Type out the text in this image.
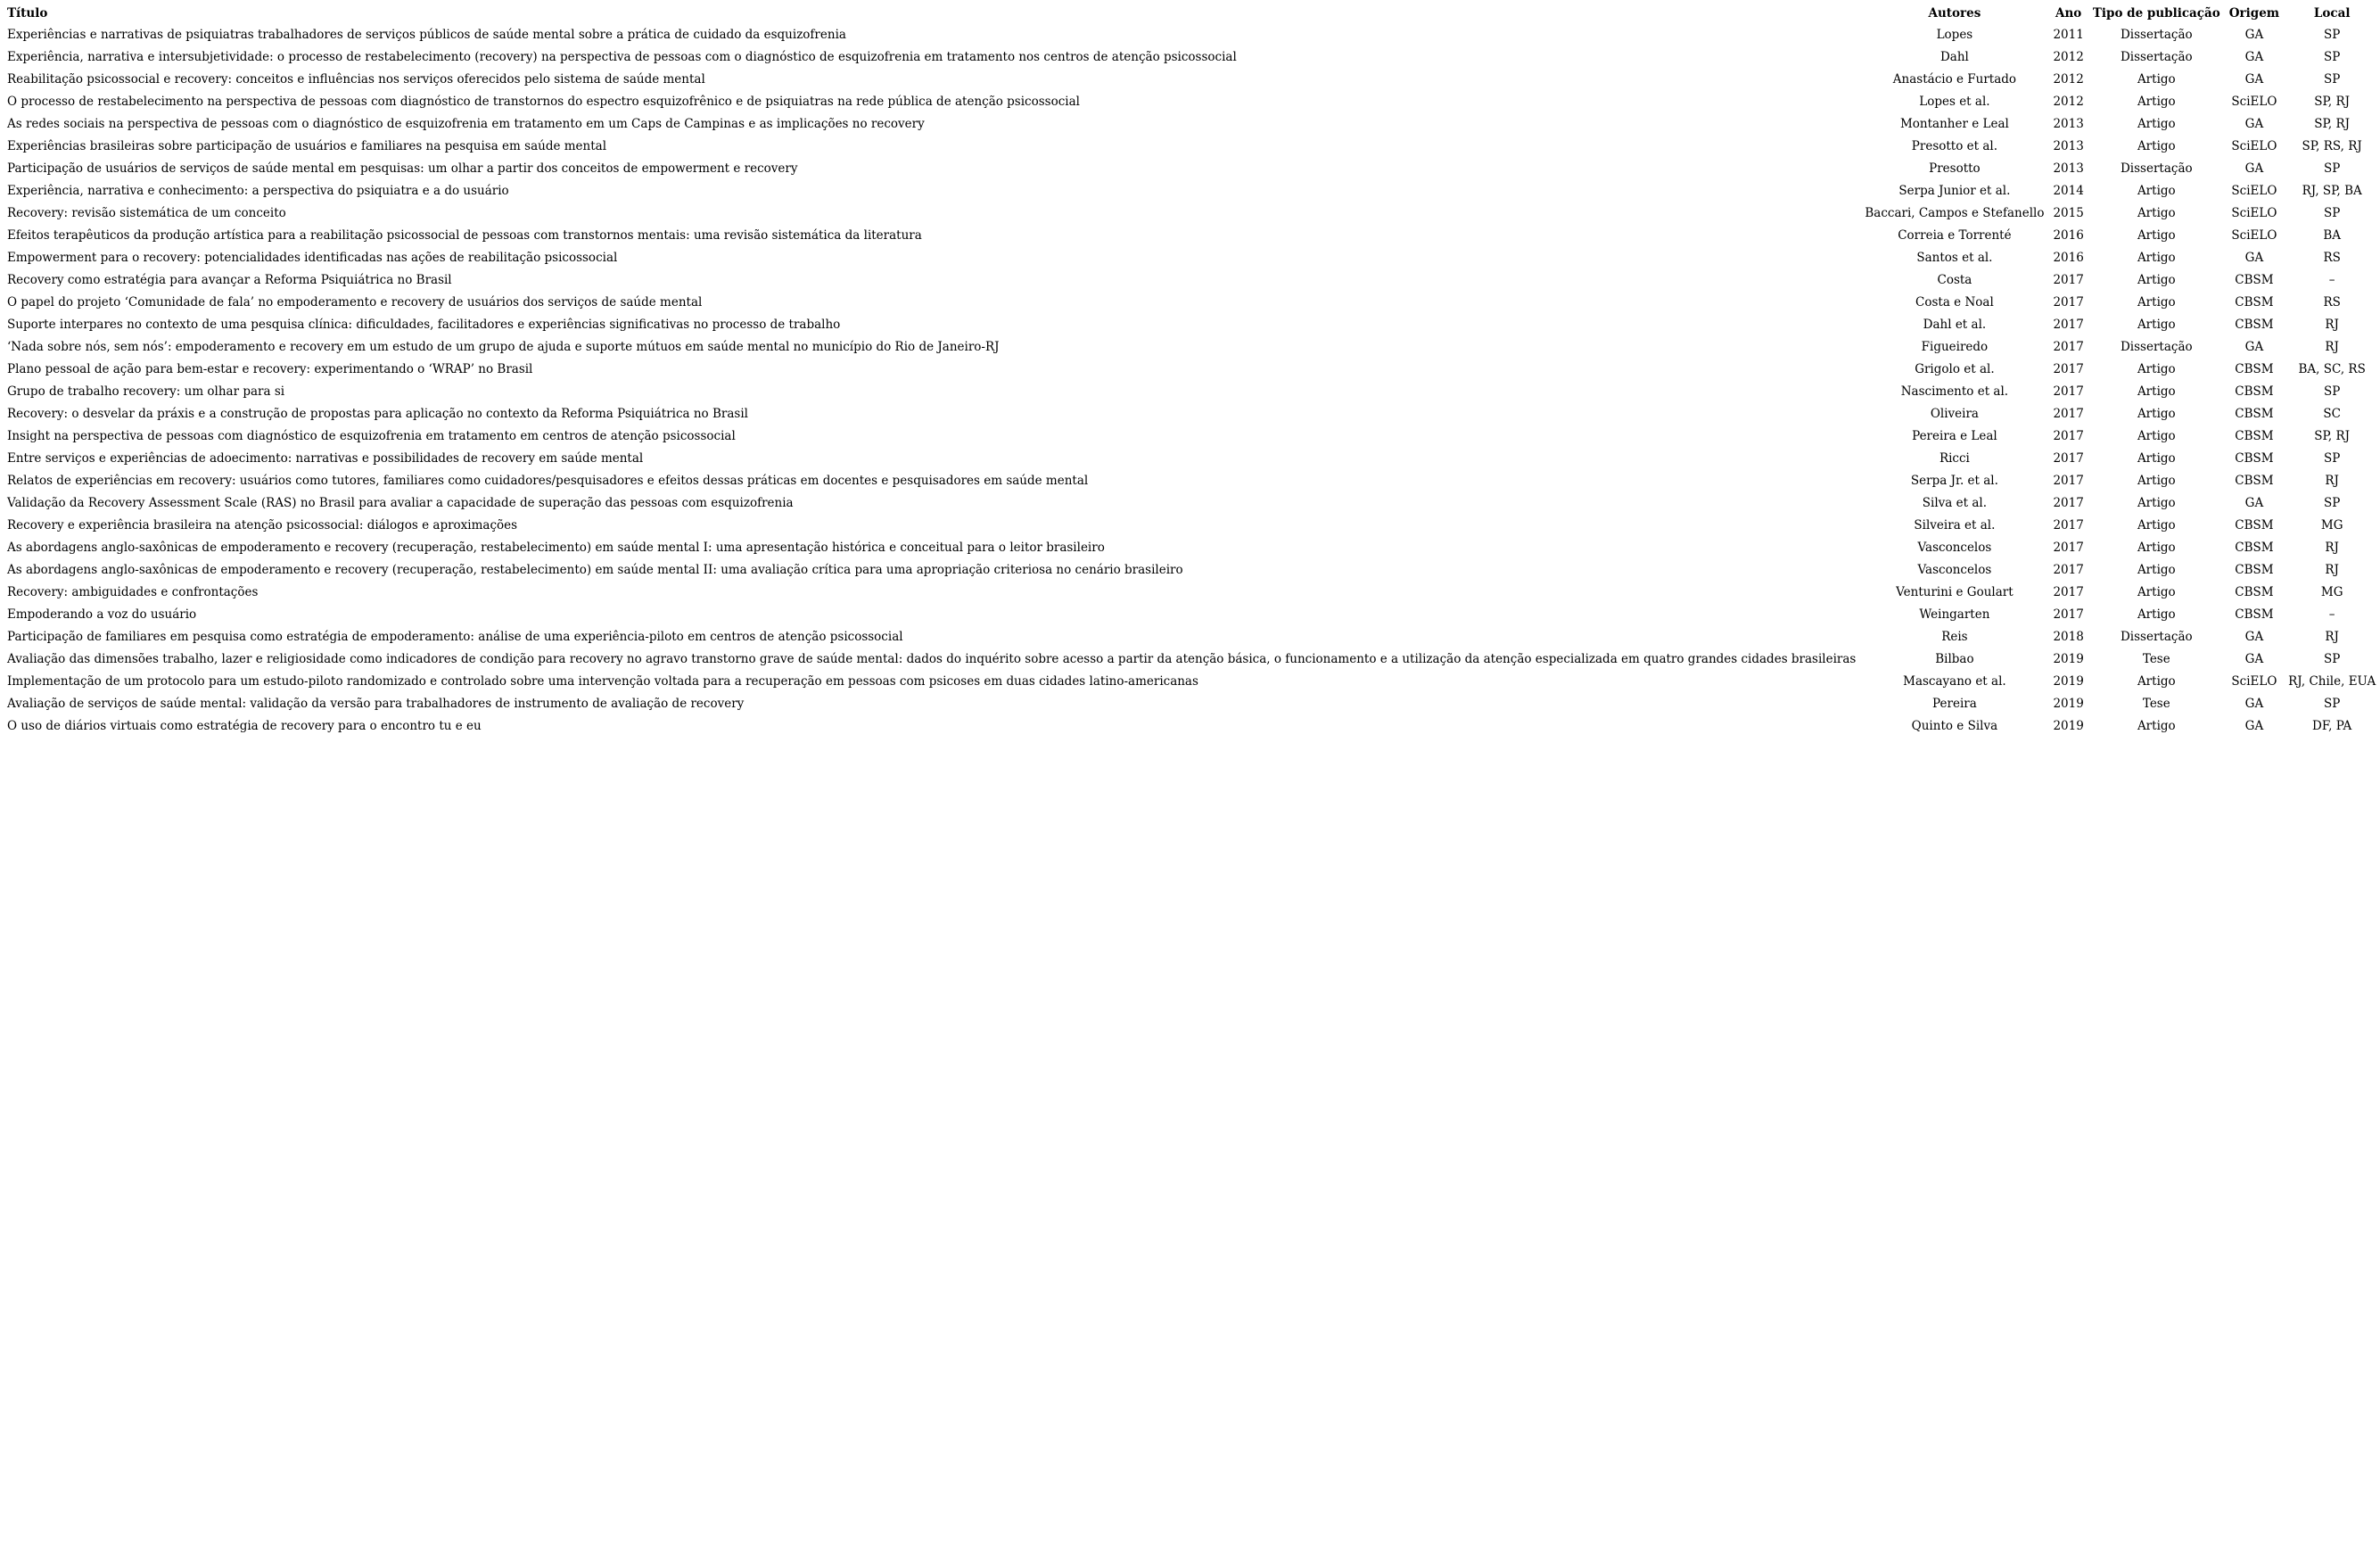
Título	Autores	Ano	Tipo de publicação	Origem	Local
Experiências e narrativas de psiquiatras trabalhadores de serviços públicos de saúde mental sobre a prática de cuidado da esquizofrenia	Lopes	2011	Dissertação	GA	SP
Experiência, narrativa e intersubjetividade: o processo de restabelecimento (recovery) na perspectiva de pessoas com o diagnóstico de esquizofrenia em tratamento nos centros de atenção psicossocial	Dahl	2012	Dissertação	GA	SP
Reabilitação psicossocial e recovery: conceitos e influências nos serviços oferecidos pelo sistema de saúde mental	Anastácio e Furtado	2012	Artigo	GA	SP
O processo de restabelecimento na perspectiva de pessoas com diagnóstico de transtornos do espectro esquizofrênico e de psiquiatras na rede pública de atenção psicossocial	Lopes et al.	2012	Artigo	SciELO	SP, RJ
As redes sociais na perspectiva de pessoas com o diagnóstico de esquizofrenia em tratamento em um Caps de Campinas e as implicações no recovery	Montanher e Leal	2013	Artigo	GA	SP, RJ
Experiências brasileiras sobre participação de usuários e familiares na pesquisa em saúde mental	Presotto et al.	2013	Artigo	SciELO	SP, RS, RJ
Participação de usuários de serviços de saúde mental em pesquisas: um olhar a partir dos conceitos de empowerment e recovery	Presotto	2013	Dissertação	GA	SP
Experiência, narrativa e conhecimento: a perspectiva do psiquiatra e a do usuário	Serpa Junior et al.	2014	Artigo	SciELO	RJ, SP, BA
Recovery: revisão sistemática de um conceito	Baccari, Campos e Stefanello	2015	Artigo	SciELO	SP
Efeitos terapêuticos da produção artística para a reabilitação psicossocial de pessoas com transtornos mentais: uma revisão sistemática da literatura	Correia e Torrenté	2016	Artigo	SciELO	BA
Empowerment para o recovery: potencialidades identificadas nas ações de reabilitação psicossocial	Santos et al.	2016	Artigo	GA	RS
Recovery como estratégia para avançar a Reforma Psiquiátrica no Brasil	Costa	2017	Artigo	CBSM	–
O papel do projeto ‘Comunidade de fala’ no empoderamento e recovery de usuários dos serviços de saúde mental	Costa e Noal	2017	Artigo	CBSM	RS
Suporte interpares no contexto de uma pesquisa clínica: dificuldades, facilitadores e experiências significativas no processo de trabalho	Dahl et al.	2017	Artigo	CBSM	RJ
‘Nada sobre nós, sem nós’: empoderamento e recovery em um estudo de um grupo de ajuda e suporte mútuos em saúde mental no município do Rio de Janeiro-RJ	Figueiredo	2017	Dissertação	GA	RJ
Plano pessoal de ação para bem-estar e recovery: experimentando o ‘WRAP’ no Brasil	Grigolo et al.	2017	Artigo	CBSM	BA, SC, RS
Grupo de trabalho recovery: um olhar para si	Nascimento et al.	2017	Artigo	CBSM	SP
Recovery: o desvelar da práxis e a construção de propostas para aplicação no contexto da Reforma Psiquiátrica no Brasil	Oliveira	2017	Artigo	CBSM	SC
Insight na perspectiva de pessoas com diagnóstico de esquizofrenia em tratamento em centros de atenção psicossocial	Pereira e Leal	2017	Artigo	CBSM	SP, RJ
Entre serviços e experiências de adoecimento: narrativas e possibilidades de recovery em saúde mental	Ricci	2017	Artigo	CBSM	SP
Relatos de experiências em recovery: usuários como tutores, familiares como cuidadores/pesquisadores e efeitos dessas práticas em docentes e pesquisadores em saúde mental	Serpa Jr. et al.	2017	Artigo	CBSM	RJ
Validação da Recovery Assessment Scale (RAS) no Brasil para avaliar a capacidade de superação das pessoas com esquizofrenia	Silva et al.	2017	Artigo	GA	SP
Recovery e experiência brasileira na atenção psicossocial: diálogos e aproximações	Silveira et al.	2017	Artigo	CBSM	MG
As abordagens anglo-saxônicas de empoderamento e recovery (recuperação, restabelecimento) em saúde mental I: uma apresentação histórica e conceitual para o leitor brasileiro	Vasconcelos	2017	Artigo	CBSM	RJ
As abordagens anglo-saxônicas de empoderamento e recovery (recuperação, restabelecimento) em saúde mental II: uma avaliação crítica para uma apropriação criteriosa no cenário brasileiro	Vasconcelos	2017	Artigo	CBSM	RJ
Recovery: ambiguidades e confrontações	Venturini e Goulart	2017	Artigo	CBSM	MG
Empoderando a voz do usuário	Weingarten	2017	Artigo	CBSM	–
Participação de familiares em pesquisa como estratégia de empoderamento: análise de uma experiência-piloto em centros de atenção psicossocial	Reis	2018	Dissertação	GA	RJ
Avaliação das dimensões trabalho, lazer e religiosidade como indicadores de condição para recovery no agravo transtorno grave de saúde mental: dados do inquérito sobre acesso a partir da atenção básica, o funcionamento e a utilização da atenção especializada em quatro grandes cidades brasileiras	Bilbao	2019	Tese	GA	SP
Implementação de um protocolo para um estudo-piloto randomizado e controlado sobre uma intervenção voltada para a recuperação em pessoas com psicoses em duas cidades latino-americanas	Mascayano et al.	2019	Artigo	SciELO	RJ, Chile, EUA
Avaliação de serviços de saúde mental: validação da versão para trabalhadores de instrumento de avaliação de recovery	Pereira	2019	Tese	GA	SP
O uso de diários virtuais como estratégia de recovery para o encontro tu e eu	Quinto e Silva	2019	Artigo	GA	DF, PA
